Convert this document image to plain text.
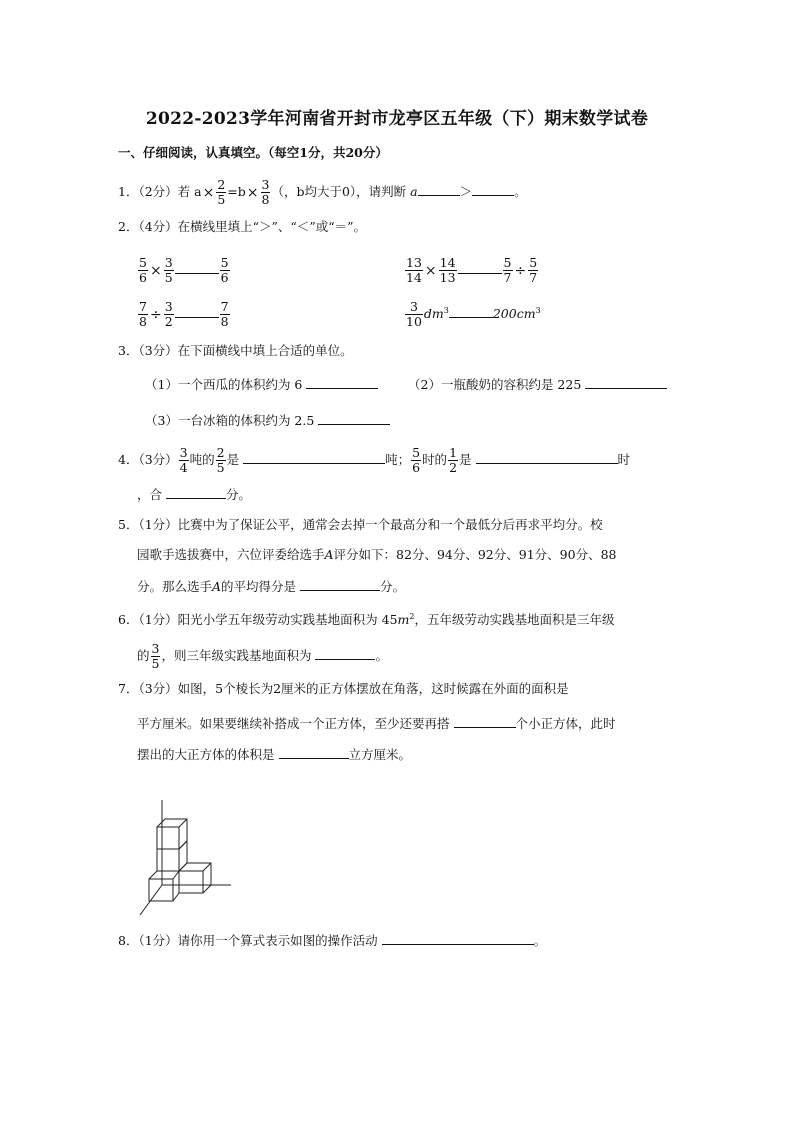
2022-2023学年河南省开封市龙亭区五年级（下）期末数学试卷
一、仔细阅读，认真填空。（每空1分，共20分）
1．（2分）若 $a\times \frac{2}{5} =b\times \frac{3}{8}$ （，b均大于0），请判断 a	＞	。
2．（4分）在横线里填上“＞”、“＜”或“＝”。
$\frac{5}{6} \times \frac{3}{5}$	$\frac{5}{6}$	$\frac{13}{14} \times \frac{14}{13}$	$\frac{5}{7} \div \frac{5}{7}$
$\frac{7}{8} \div \frac{3}{2}$	$\frac{7}{8}$	$\frac{3}{10} dm^3$	$200cm^3$
3．（3分）在下面横线中填上合适的单位。
（1）一个西瓜的体积约为 6	（2）一瓶酸奶的容积约是 225
（3）一台冰箱的体积约为 2.5
4．（3分） $\frac{3}{4}$ 吨的 $\frac{2}{5}$ 是	吨； $\frac{5}{6}$ 时的 $\frac{1}{2}$ 是	时
，合	分。
5．（1分）比赛中为了保证公平，通常会去掉一个最高分和一个最低分后再求平均分。校
园歌手选拔赛中，六位评委给选手A评分如下：82分、94分、92分、91分、90分、88
分。那么选手A的平均得分是	分。
6．（1分）阳光小学五年级劳动实践基地面积为 $45m^2$，五年级劳动实践基地面积是三年级
的 $\frac{3}{5}$ ，则三年级实践基地面积为	。
7．（3分）如图，5个棱长为2厘米的正方体摆放在角落，这时候露在外面的面积是
平方厘米。如果要继续补搭成一个正方体，至少还要再搭	个小正方体，此时
摆出的大正方体的体积是	立方厘米。
8．（1分）请你用一个算式表示如图的操作活动	。
